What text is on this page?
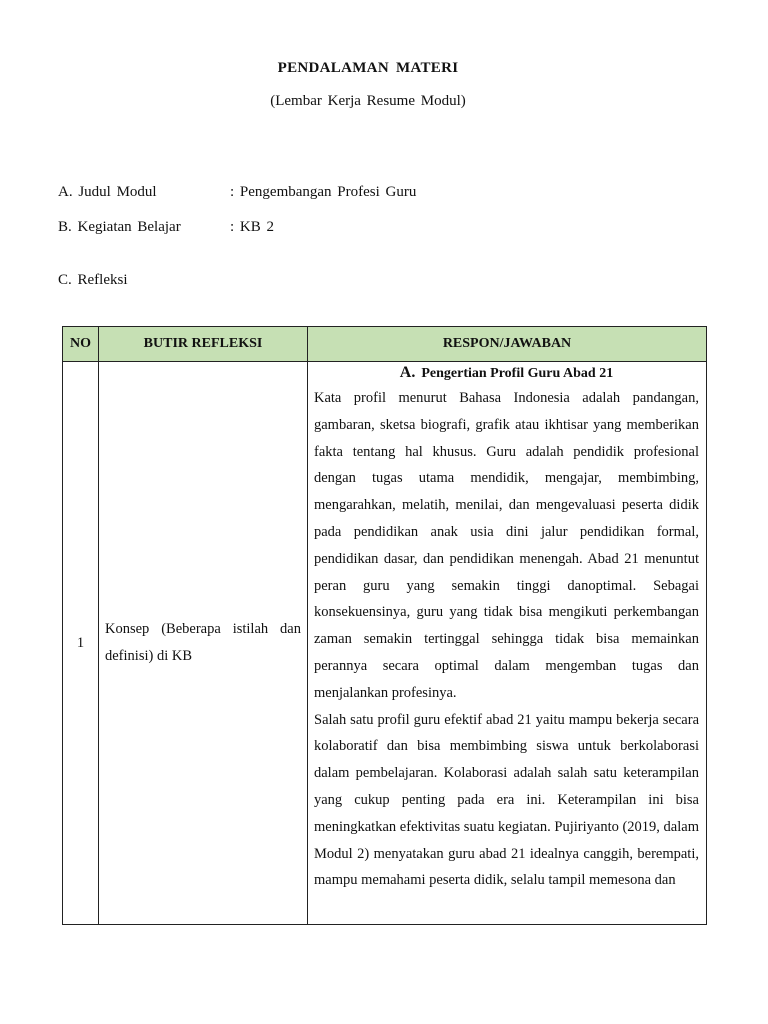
PENDALAMAN MATERI
(Lembar Kerja Resume Modul)
A. Judul Modul	: Pengembangan Profesi Guru
B. Kegiatan Belajar	: KB 2
C. Refleksi
NO	BUTIR REFLEKSI	RESPON/JAWABAN
1	Konsep (Beberapa istilah dan definisi) di KB	A. Pengertian Profil Guru Abad 21

Kata profil menurut Bahasa Indonesia adalah pandangan, gambaran, sketsa biografi, grafik atau ikhtisar yang memberikan fakta tentang hal khusus. Guru adalah pendidik profesional dengan tugas utama mendidik, mengajar, membimbing, mengarahkan, melatih, menilai, dan mengevaluasi peserta didik pada pendidikan anak usia dini jalur pendidikan formal, pendidikan dasar, dan pendidikan menengah. Abad 21 menuntut peran guru yang semakin tinggi danoptimal. Sebagai konsekuensinya, guru yang tidak bisa mengikuti perkembangan zaman semakin tertinggal sehingga tidak bisa memainkan perannya secara optimal dalam mengemban tugas dan menjalankan profesinya.

Salah satu profil guru efektif abad 21 yaitu mampu bekerja secara kolaboratif dan bisa membimbing siswa untuk berkolaborasi dalam pembelajaran. Kolaborasi adalah salah satu keterampilan yang cukup penting pada era ini. Keterampilan ini bisa meningkatkan efektivitas suatu kegiatan. Pujiriyanto (2019, dalam Modul 2) menyatakan guru abad 21 idealnya canggih, berempati, mampu memahami peserta didik, selalu tampil memesona dan
